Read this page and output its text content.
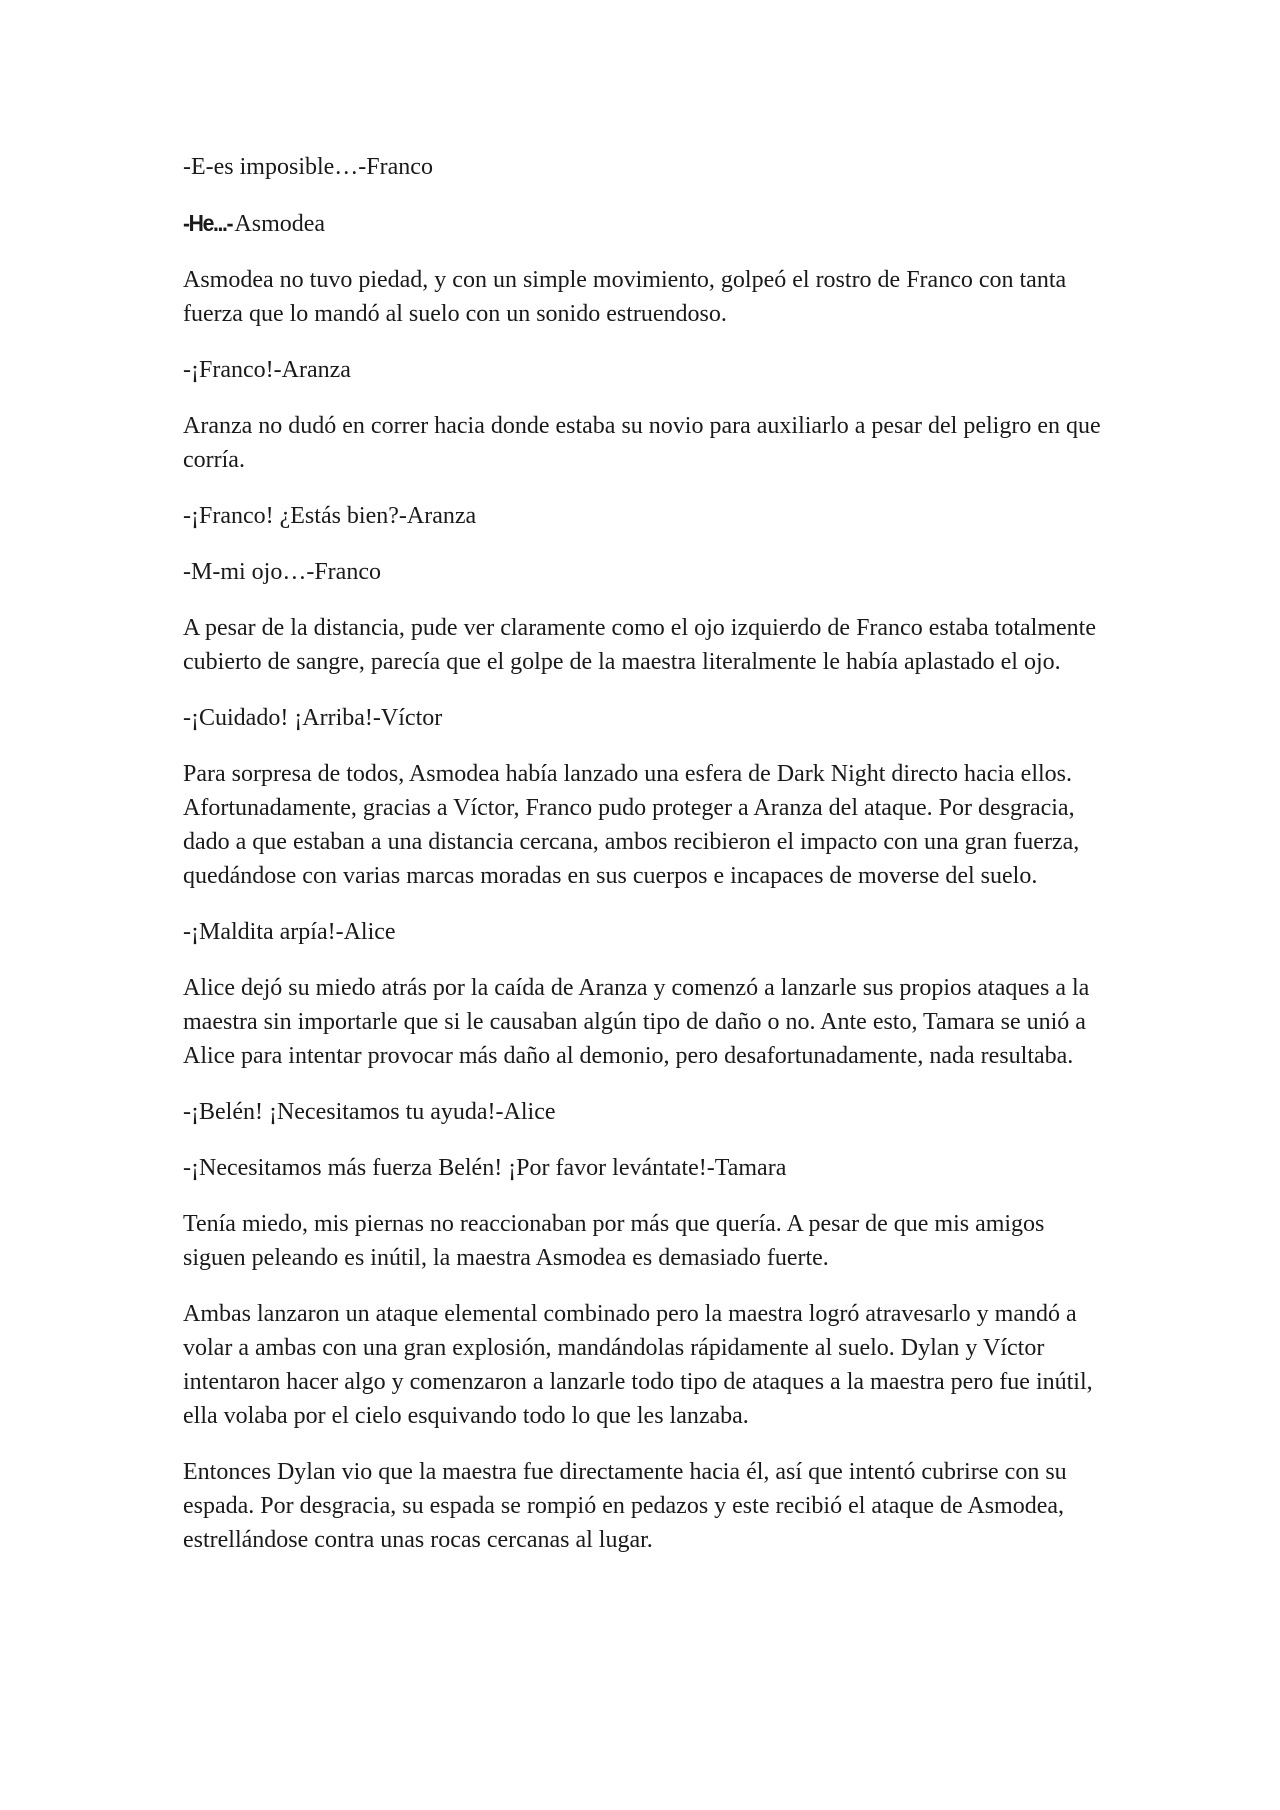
-E-es imposible…-Franco

-He...-Asmodea

Asmodea no tuvo piedad, y con un simple movimiento, golpeó el rostro de Franco con tanta fuerza que lo mandó al suelo con un sonido estruendoso.

-¡Franco!-Aranza

Aranza no dudó en correr hacia donde estaba su novio para auxiliarlo a pesar del peligro en que corría.

-¡Franco! ¿Estás bien?-Aranza

-M-mi ojo…-Franco

A pesar de la distancia, pude ver claramente como el ojo izquierdo de Franco estaba totalmente cubierto de sangre, parecía que el golpe de la maestra literalmente le había aplastado el ojo.

-¡Cuidado! ¡Arriba!-Víctor

Para sorpresa de todos, Asmodea había lanzado una esfera de Dark Night directo hacia ellos. Afortunadamente, gracias a Víctor, Franco pudo proteger a Aranza del ataque. Por desgracia, dado a que estaban a una distancia cercana, ambos recibieron el impacto con una gran fuerza, quedándose con varias marcas moradas en sus cuerpos e incapaces de moverse del suelo.

-¡Maldita arpía!-Alice

Alice dejó su miedo atrás por la caída de Aranza y comenzó a lanzarle sus propios ataques a la maestra sin importarle que si le causaban algún tipo de daño o no. Ante esto, Tamara se unió a Alice para intentar provocar más daño al demonio, pero desafortunadamente, nada resultaba.

-¡Belén! ¡Necesitamos tu ayuda!-Alice

-¡Necesitamos más fuerza Belén! ¡Por favor levántate!-Tamara

Tenía miedo, mis piernas no reaccionaban por más que quería. A pesar de que mis amigos siguen peleando es inútil, la maestra Asmodea es demasiado fuerte.

Ambas lanzaron un ataque elemental combinado pero la maestra logró atravesarlo y mandó a volar a ambas con una gran explosión, mandándolas rápidamente al suelo. Dylan y Víctor intentaron hacer algo y comenzaron a lanzarle todo tipo de ataques a la maestra pero fue inútil, ella volaba por el cielo esquivando todo lo que les lanzaba.

Entonces Dylan vio que la maestra fue directamente hacia él, así que intentó cubrirse con su espada. Por desgracia, su espada se rompió en pedazos y este recibió el ataque de Asmodea, estrellándose contra unas rocas cercanas al lugar.
